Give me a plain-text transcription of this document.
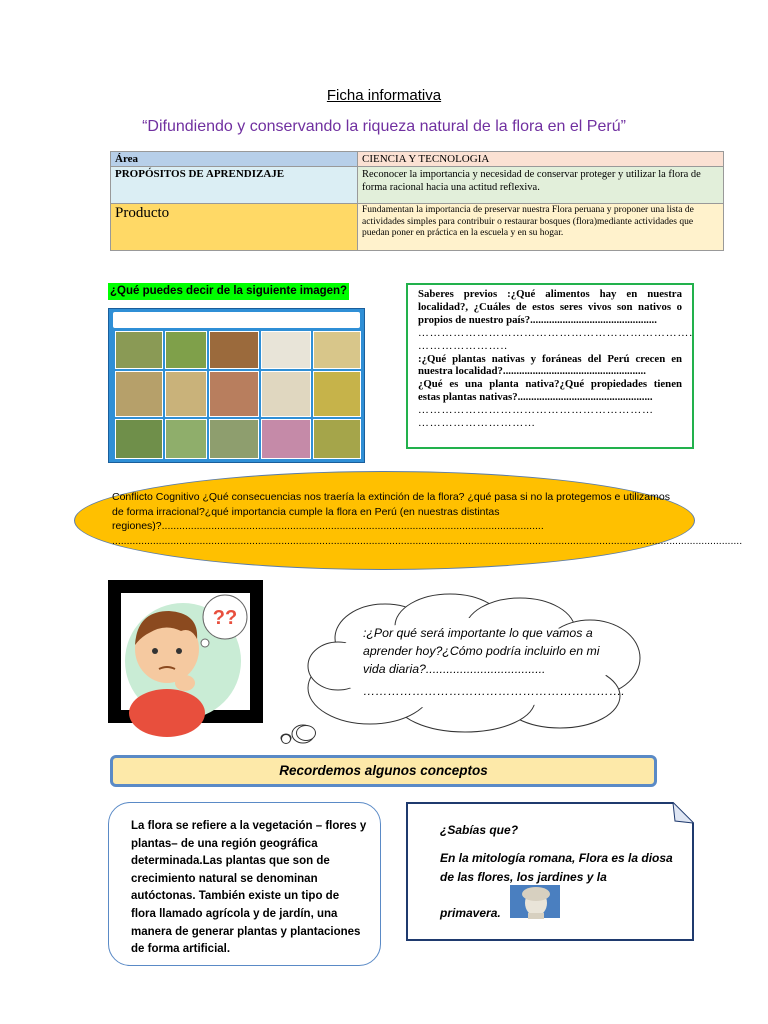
Ficha informativa
“Difundiendo y conservando la riqueza natural de la flora en el Perú”
Área	CIENCIA Y TECNOLOGIA
PROPÓSITOS DE APRENDIZAJE	Reconocer la importancia y necesidad de conservar proteger y utilizar la flora de forma racional hacia una actitud reflexiva.
Producto	Fundamentan la importancia de preservar nuestra Flora peruana y proponer una lista de actividades simples para contribuir o restaurar bosques (flora)mediante actividades que puedan poner en práctica en la escuela y en su hogar.
¿Qué puedes decir de la siguiente imagen?	Saberes previos :¿Qué alimentos hay en nuestra localidad?, ¿Cuáles de estos seres vivos son nativos o propios de nuestro país?...............................................

…………………………………………………………….

…………………..

:¿Qué plantas nativas y foráneas del Perú crecen en nuestra localidad?.....................................................

¿Qué es una planta nativa?¿Qué propiedades tienen estas plantas nativas?..................................................

……………………………………………………

…………………………

Conflicto Cognitivo ¿Qué consecuencias nos traería la extinción de la flora? ¿qué pasa si no la protegemos e utilizamos de forma irracional?¿qué importancia cumple la flora en Perú (en nuestras distintas regiones)?...................................................................................................................................
........................................................................................................................................................................................................................
??
:¿Por qué será importante lo que vamos a aprender hoy?¿Cómo podría incluirlo en mi vida diaria?...................................
……………………………………………………….
Recordemos algunos conceptos
La flora se refiere a la vegetación – flores y plantas– de una región geográfica determinada.Las plantas que son de crecimiento natural se denominan autóctonas. También existe un tipo de flora llamado agrícola y de jardín, una manera de generar plantas y plantaciones de forma artificial.
¿Sabías que?
En la mitología romana, Flora es la diosa de las flores, los jardines y la
primavera.
